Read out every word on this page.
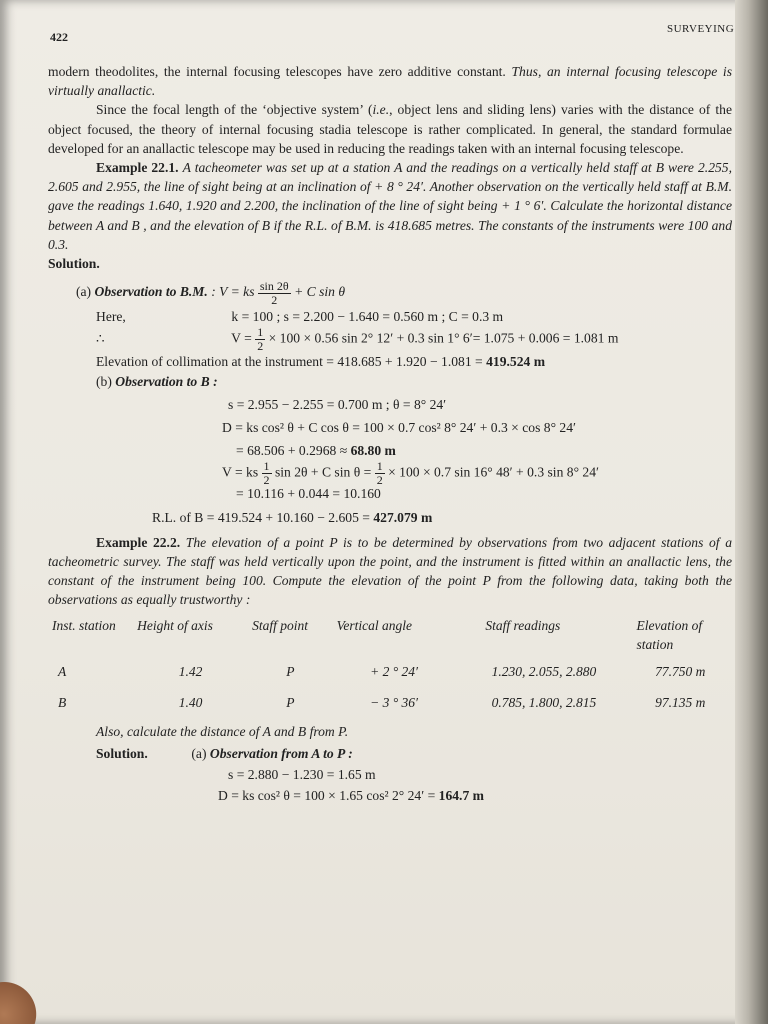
422
SURVEYING

modern theodolites, the internal focusing telescopes have zero additive constant. Thus, an internal focusing telescope is virtually anallactic.

Since the focal length of the ‘objective system’ (i.e., object lens and sliding lens) varies with the distance of the object focused, the theory of internal focusing stadia telescope is rather complicated. In general, the standard formulae developed for an anallactic telescope may be used in reducing the readings taken with an internal focusing telescope.

Example 22.1. A tacheometer was set up at a station A and the readings on a vertically held staff at B were 2.255, 2.605 and 2.955, the line of sight being at an inclination of + 8 ° 24′. Another observation on the vertically held staff at B.M. gave the readings 1.640, 1.920 and 2.200, the inclination of the line of sight being + 1 ° 6′. Calculate the horizontal distance between A and B , and the elevation of B if the R.L. of B.M. is 418.685 metres. The constants of the instruments were 100 and 0.3.

Solution.

(a) Observation to B.M. : V = ks $\frac{\sin 2\theta}{2} + C$ sin θ
Here,	k = 100 ; s = 2.200 − 1.640 = 0.560 m ; C = 0.3 m
∴	$V = \frac{1}{2} \times 100 \times 0.56$ sin 2° 12′ + 0.3 sin 1° 6′= 1.075 + 0.006 = 1.081 m
Elevation of collimation at the instrument = 418.685 + 1.920 − 1.081 = 419.524 m
(b) Observation to B :
s = 2.955 − 2.255 = 0.700 m ; θ = 8° 24′
D = ks cos² θ + C cos θ = 100 × 0.7 cos² 8° 24′ + 0.3 × cos 8° 24′
= 68.506 + 0.2968 ≈ 68.80 m
V = ks $\frac{1}{2}$ sin 2θ + C $\sin \theta = \frac{1}{2} \times 100 \times 0.7$ sin 16° 48′ + 0.3 sin 8° 24′
= 10.116 + 0.044 = 10.160
R.L. of B = 419.524 + 10.160 − 2.605 = 427.079 m

Example 22.2. The elevation of a point P is to be determined by observations from two adjacent stations of a tacheometric survey. The staff was held vertically upon the point, and the instrument is fitted within an anallactic lens, the constant of the instrument being 100. Compute the elevation of the point P from the following data, taking both the observations as equally trustworthy :

Inst. station	Height of axis	Staff point	Vertical angle	Staff readings	Elevation of station
A	1.42	P	+ 2 ° 24′	1.230, 2.055, 2.880	77.750 m
B	1.40	P	− 3 ° 36′	0.785, 1.800, 2.815	97.135 m
Also, calculate the distance of A and B from P.
Solution.	(a) Observation from A to P :
s = 2.880 − 1.230 = 1.65 m
D = ks cos² θ = 100 × 1.65 cos² 2° 24′ = 164.7 m
